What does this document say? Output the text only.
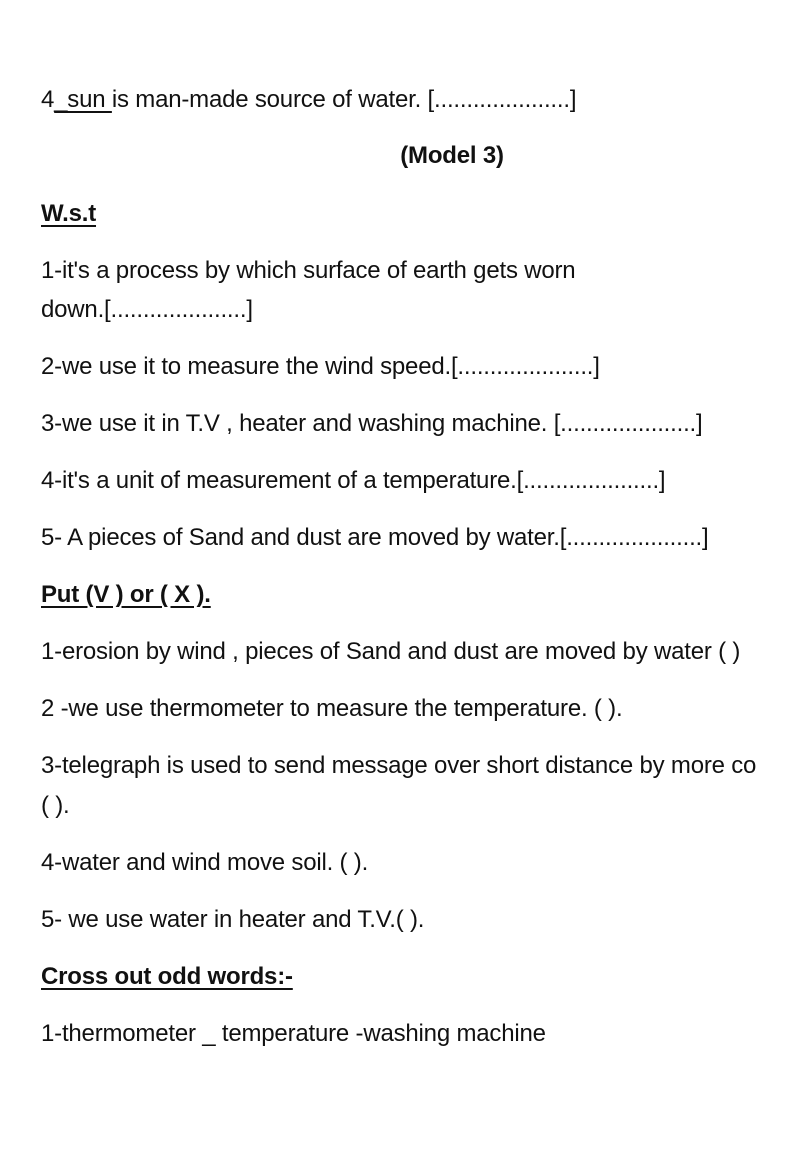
4_sun is man-made source of water. [.....................]
(Model 3)
W.s.t
1-it's a process by which surface of earth gets worn
down.[.....................]
2-we use it to measure the wind speed.[.....................]
3-we use it in T.V , heater and washing machine. [.....................]
4-it's a unit of measurement of a temperature.[.....................]
5- A pieces of Sand and dust are moved by water.[.....................]
Put (V ) or ( X ).
1-erosion by wind , pieces of Sand and dust are moved by water ( )
2 -we use thermometer to measure the temperature. ( ).
3-telegraph is used to send message over short distance by more co
( ).
4-water and wind move soil. ( ).
5- we use water in heater and T.V.( ).
Cross out odd words:-
1-thermometer _ temperature -washing machine
